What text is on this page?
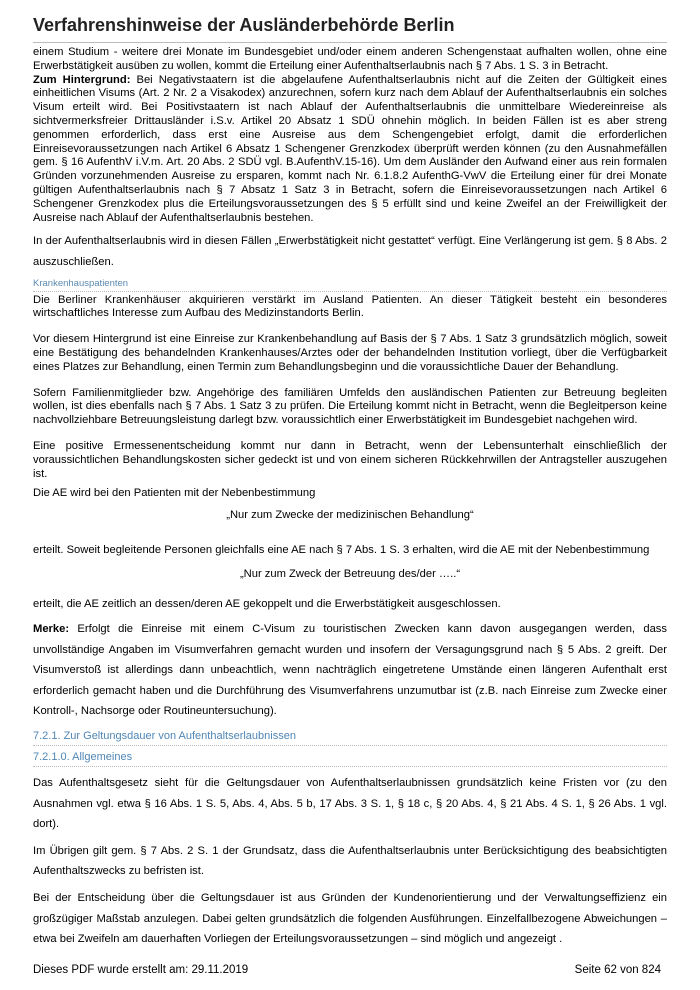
Verfahrenshinweise der Ausländerbehörde Berlin

einem Studium - weitere drei Monate im Bundesgebiet und/oder einem anderen Schengenstaat aufhalten wollen, ohne eine Erwerbstätigkeit ausüben zu wollen, kommt die Erteilung einer Aufenthaltserlaubnis nach § 7 Abs. 1 S. 3 in Betracht.

Zum Hintergrund: Bei Negativstaatern ist die abgelaufene Aufenthaltserlaubnis nicht auf die Zeiten der Gültigkeit eines einheitlichen Visums (Art. 2 Nr. 2 a Visakodex) anzurechnen, sofern kurz nach dem Ablauf der Aufenthaltserlaubnis ein solches Visum erteilt wird. Bei Positivstaatern ist nach Ablauf der Aufenthaltserlaubnis die unmittelbare Wiedereinreise als sichtvermerksfreier Drittausländer i.S.v. Artikel 20 Absatz 1 SDÜ ohnehin möglich. In beiden Fällen ist es aber streng genommen erforderlich, dass erst eine Ausreise aus dem Schengengebiet erfolgt, damit die erforderlichen Einreisevoraussetzungen nach Artikel 6 Absatz 1 Schengener Grenzkodex überprüft werden können (zu den Ausnahmefällen gem. § 16 AufenthV i.V.m. Art. 20 Abs. 2 SDÜ vgl. B.AufenthV.15-16). Um dem Ausländer den Aufwand einer aus rein formalen Gründen vorzunehmenden Ausreise zu ersparen, kommt nach Nr. 6.1.8.2 AufenthG-VwV die Erteilung einer für drei Monate gültigen Aufenthaltserlaubnis nach § 7 Absatz 1 Satz 3 in Betracht, sofern die Einreisevoraussetzungen nach Artikel 6 Schengener Grenzkodex plus die Erteilungsvoraussetzungen des § 5 erfüllt sind und keine Zweifel an der Freiwilligkeit der Ausreise nach Ablauf der Aufenthaltserlaubnis bestehen.

In der Aufenthaltserlaubnis wird in diesen Fällen „Erwerbstätigkeit nicht gestattet“ verfügt. Eine Verlängerung ist gem. § 8 Abs. 2 auszuschließen.

Krankenhauspatienten

Die Berliner Krankenhäuser akquirieren verstärkt im Ausland Patienten. An dieser Tätigkeit besteht ein besonderes wirtschaftliches Interesse zum Aufbau des Medizinstandorts Berlin.

Vor diesem Hintergrund ist eine Einreise zur Krankenbehandlung auf Basis der § 7 Abs. 1 Satz 3 grundsätzlich möglich, soweit eine Bestätigung des behandelnden Krankenhauses/Arztes oder der behandelnden Institution vorliegt, über die Verfügbarkeit eines Platzes zur Behandlung, einen Termin zum Behandlungsbeginn und die voraussichtliche Dauer der Behandlung.

Sofern Familienmitglieder bzw. Angehörige des familiären Umfelds den ausländischen Patienten zur Betreuung begleiten wollen, ist dies ebenfalls nach § 7 Abs. 1 Satz 3 zu prüfen. Die Erteilung kommt nicht in Betracht, wenn die Begleitperson keine nachvollziehbare Betreuungsleistung darlegt bzw. voraussichtlich einer Erwerbstätigkeit im Bundesgebiet nachgehen wird.

Eine positive Ermessenentscheidung kommt nur dann in Betracht, wenn der Lebensunterhalt einschließlich der voraussichtlichen Behandlungskosten sicher gedeckt ist und von einem sicheren Rückkehrwillen der Antragsteller auszugehen ist.

Die AE wird bei den Patienten mit der Nebenbestimmung

„Nur zum Zwecke der medizinischen Behandlung“

erteilt. Soweit begleitende Personen gleichfalls eine AE nach § 7 Abs. 1 S. 3 erhalten, wird die AE mit der Nebenbestimmung

„Nur zum Zweck der Betreuung des/der …..“

erteilt, die AE zeitlich an dessen/deren AE gekoppelt und die Erwerbstätigkeit ausgeschlossen.

Merke: Erfolgt die Einreise mit einem C-Visum zu touristischen Zwecken kann davon ausgegangen werden, dass unvollständige Angaben im Visumverfahren gemacht wurden und insofern der Versagungsgrund nach § 5 Abs. 2 greift. Der Visumverstoß ist allerdings dann unbeachtlich, wenn nachträglich eingetretene Umstände einen längeren Aufenthalt erst erforderlich gemacht haben und die Durchführung des Visumverfahrens unzumutbar ist (z.B. nach Einreise zum Zwecke einer Kontroll-, Nachsorge oder Routineuntersuchung).

7.2.1. Zur Geltungsdauer von Aufenthaltserlaubnissen

7.2.1.0. Allgemeines

Das Aufenthaltsgesetz sieht für die Geltungsdauer von Aufenthaltserlaubnissen grundsätzlich keine Fristen vor (zu den Ausnahmen vgl. etwa § 16 Abs. 1 S. 5, Abs. 4, Abs. 5 b, 17 Abs. 3 S. 1, § 18 c, § 20 Abs. 4, § 21 Abs. 4 S. 1, § 26 Abs. 1 vgl. dort).

Im Übrigen gilt gem. § 7 Abs. 2 S. 1 der Grundsatz, dass die Aufenthaltserlaubnis unter Berücksichtigung des beabsichtigten Aufenthaltszwecks zu befristen ist.

Bei der Entscheidung über die Geltungsdauer ist aus Gründen der Kundenorientierung und der Verwaltungseffizienz ein großzügiger Maßstab anzulegen. Dabei gelten grundsätzlich die folgenden Ausführungen. Einzelfallbezogene Abweichungen – etwa bei Zweifeln am dauerhaften Vorliegen der Erteilungsvoraussetzungen – sind möglich und angezeigt .

Dieses PDF wurde erstellt am: 29.11.2019	Seite 62 von 824
